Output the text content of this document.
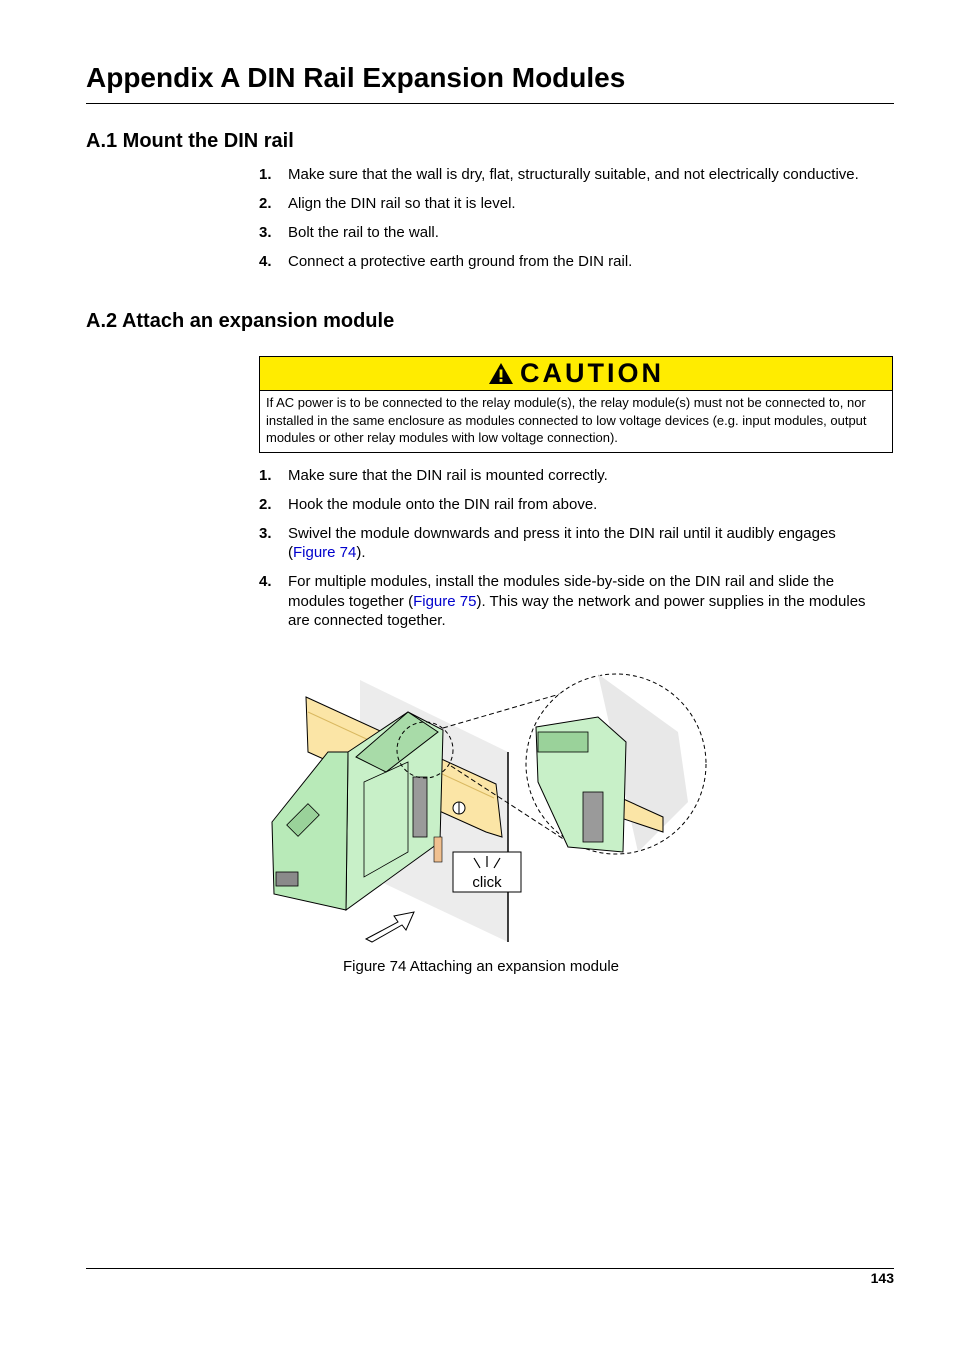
Appendix A DIN Rail Expansion Modules
A.1 Mount the DIN rail
1. Make sure that the wall is dry, flat, structurally suitable, and not electrically conductive.
2. Align the DIN rail so that it is level.
3. Bolt the rail to the wall.
4. Connect a protective earth ground from the DIN rail.
A.2 Attach an expansion module
CAUTION
If AC power is to be connected to the relay module(s), the relay module(s) must not be connected to, nor installed in the same enclosure as modules connected to low voltage devices (e.g. input modules, output modules or other relay modules with low voltage connection).
1. Make sure that the DIN rail is mounted correctly.
2. Hook the module onto the DIN rail from above.
3. Swivel the module downwards and press it into the DIN rail until it audibly engages (Figure 74).
4. For multiple modules, install the modules side-by-side on the DIN rail and slide the modules together (Figure 75). This way the network and power supplies in the modules are connected together.
click
Figure 74 Attaching an expansion module
143
